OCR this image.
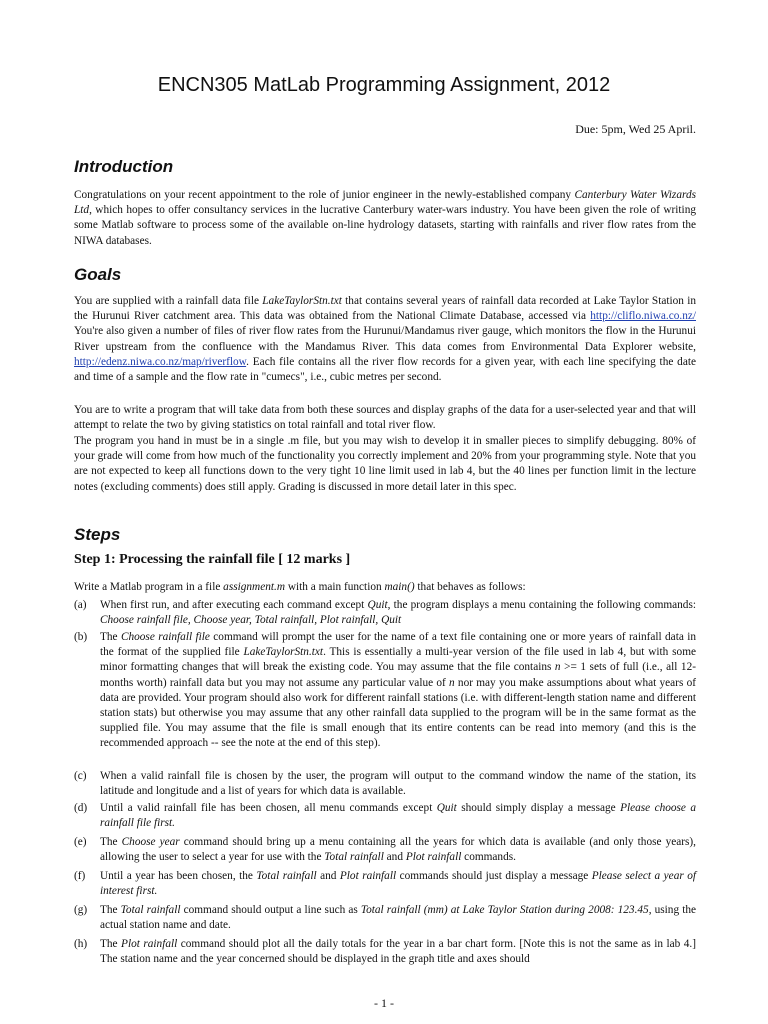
ENCN305 MatLab Programming Assignment, 2012
Due: 5pm, Wed 25 April.
Introduction
Congratulations on your recent appointment to the role of junior engineer in the newly-established company Canterbury Water Wizards Ltd, which hopes to offer consultancy services in the lucrative Canterbury water-wars industry. You have been given the role of writing some Matlab software to process some of the available on-line hydrology datasets, starting with rainfalls and river flow rates from the NIWA databases.
Goals
You are supplied with a rainfall data file LakeTaylorStn.txt that contains several years of rainfall data recorded at Lake Taylor Station in the Hurunui River catchment area. This data was obtained from the National Climate Database, accessed via http://cliflo.niwa.co.nz/ You're also given a number of files of river flow rates from the Hurunui/Mandamus river gauge, which monitors the flow in the Hurunui River upstream from the confluence with the Mandamus River. This data comes from Environmental Data Explorer website, http://edenz.niwa.co.nz/map/riverflow. Each file contains all the river flow records for a given year, with each line specifying the date and time of a sample and the flow rate in "cumecs", i.e., cubic metres per second.
You are to write a program that will take data from both these sources and display graphs of the data for a user-selected year and that will attempt to relate the two by giving statistics on total rainfall and total river flow.
The program you hand in must be in a single .m file, but you may wish to develop it in smaller pieces to simplify debugging. 80% of your grade will come from how much of the functionality you correctly implement and 20% from your programming style. Note that you are not expected to keep all functions down to the very tight 10 line limit used in lab 4, but the 40 lines per function limit in the lecture notes (excluding comments) does still apply. Grading is discussed in more detail later in this spec.
Steps
Step 1: Processing the rainfall file [ 12 marks ]
Write a Matlab program in a file assignment.m with a main function main() that behaves as follows:
(a) When first run, and after executing each command except Quit, the program displays a menu containing the following commands: Choose rainfall file, Choose year, Total rainfall, Plot rainfall, Quit
(b) The Choose rainfall file command will prompt the user for the name of a text file containing one or more years of rainfall data in the format of the supplied file LakeTaylorStn.txt. This is essentially a multi-year version of the file used in lab 4, but with some minor formatting changes that will break the existing code. You may assume that the file contains n >= 1 sets of full (i.e., all 12-months worth) rainfall data but you may not assume any particular value of n nor may you make assumptions about what years of data are provided. Your program should also work for different rainfall stations (i.e. with different-length station name and different station stats) but otherwise you may assume that any other rainfall data supplied to the program will be in the same format as the supplied file. You may assume that the file is small enough that its entire contents can be read into memory (and this is the recommended approach -- see the note at the end of this step).
(c) When a valid rainfall file is chosen by the user, the program will output to the command window the name of the station, its latitude and longitude and a list of years for which data is available.
(d) Until a valid rainfall file has been chosen, all menu commands except Quit should simply display a message Please choose a rainfall file first.
(e) The Choose year command should bring up a menu containing all the years for which data is available (and only those years), allowing the user to select a year for use with the Total rainfall and Plot rainfall commands.
(f) Until a year has been chosen, the Total rainfall and Plot rainfall commands should just display a message Please select a year of interest first.
(g) The Total rainfall command should output a line such as Total rainfall (mm) at Lake Taylor Station during 2008: 123.45, using the actual station name and date.
(h) The Plot rainfall command should plot all the daily totals for the year in a bar chart form. [Note this is not the same as in lab 4.] The station name and the year concerned should be displayed in the graph title and axes should
- 1 -
